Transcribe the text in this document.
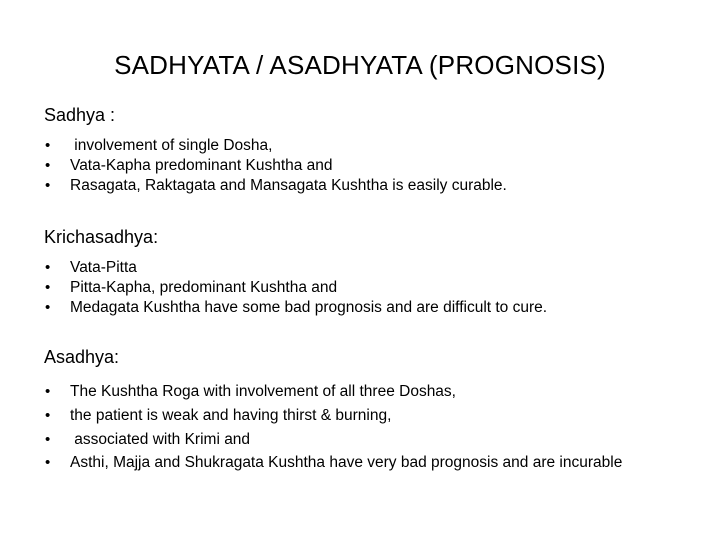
SADHYATA / ASADHYATA (PROGNOSIS)
Sadhya :
• involvement of single Dosha,
• Vata-Kapha predominant Kushtha and
• Rasagata, Raktagata and Mansagata Kushtha is easily curable.
Krichasadhya:
• Vata-Pitta
• Pitta-Kapha, predominant Kushtha and
• Medagata Kushtha have some bad prognosis and are difficult to cure.
Asadhya:
• The Kushtha Roga with involvement of all three Doshas,
• the patient is weak and having thirst & burning,
• associated with Krimi and
• Asthi, Majja and Shukragata Kushtha have very bad prognosis and are incurable
